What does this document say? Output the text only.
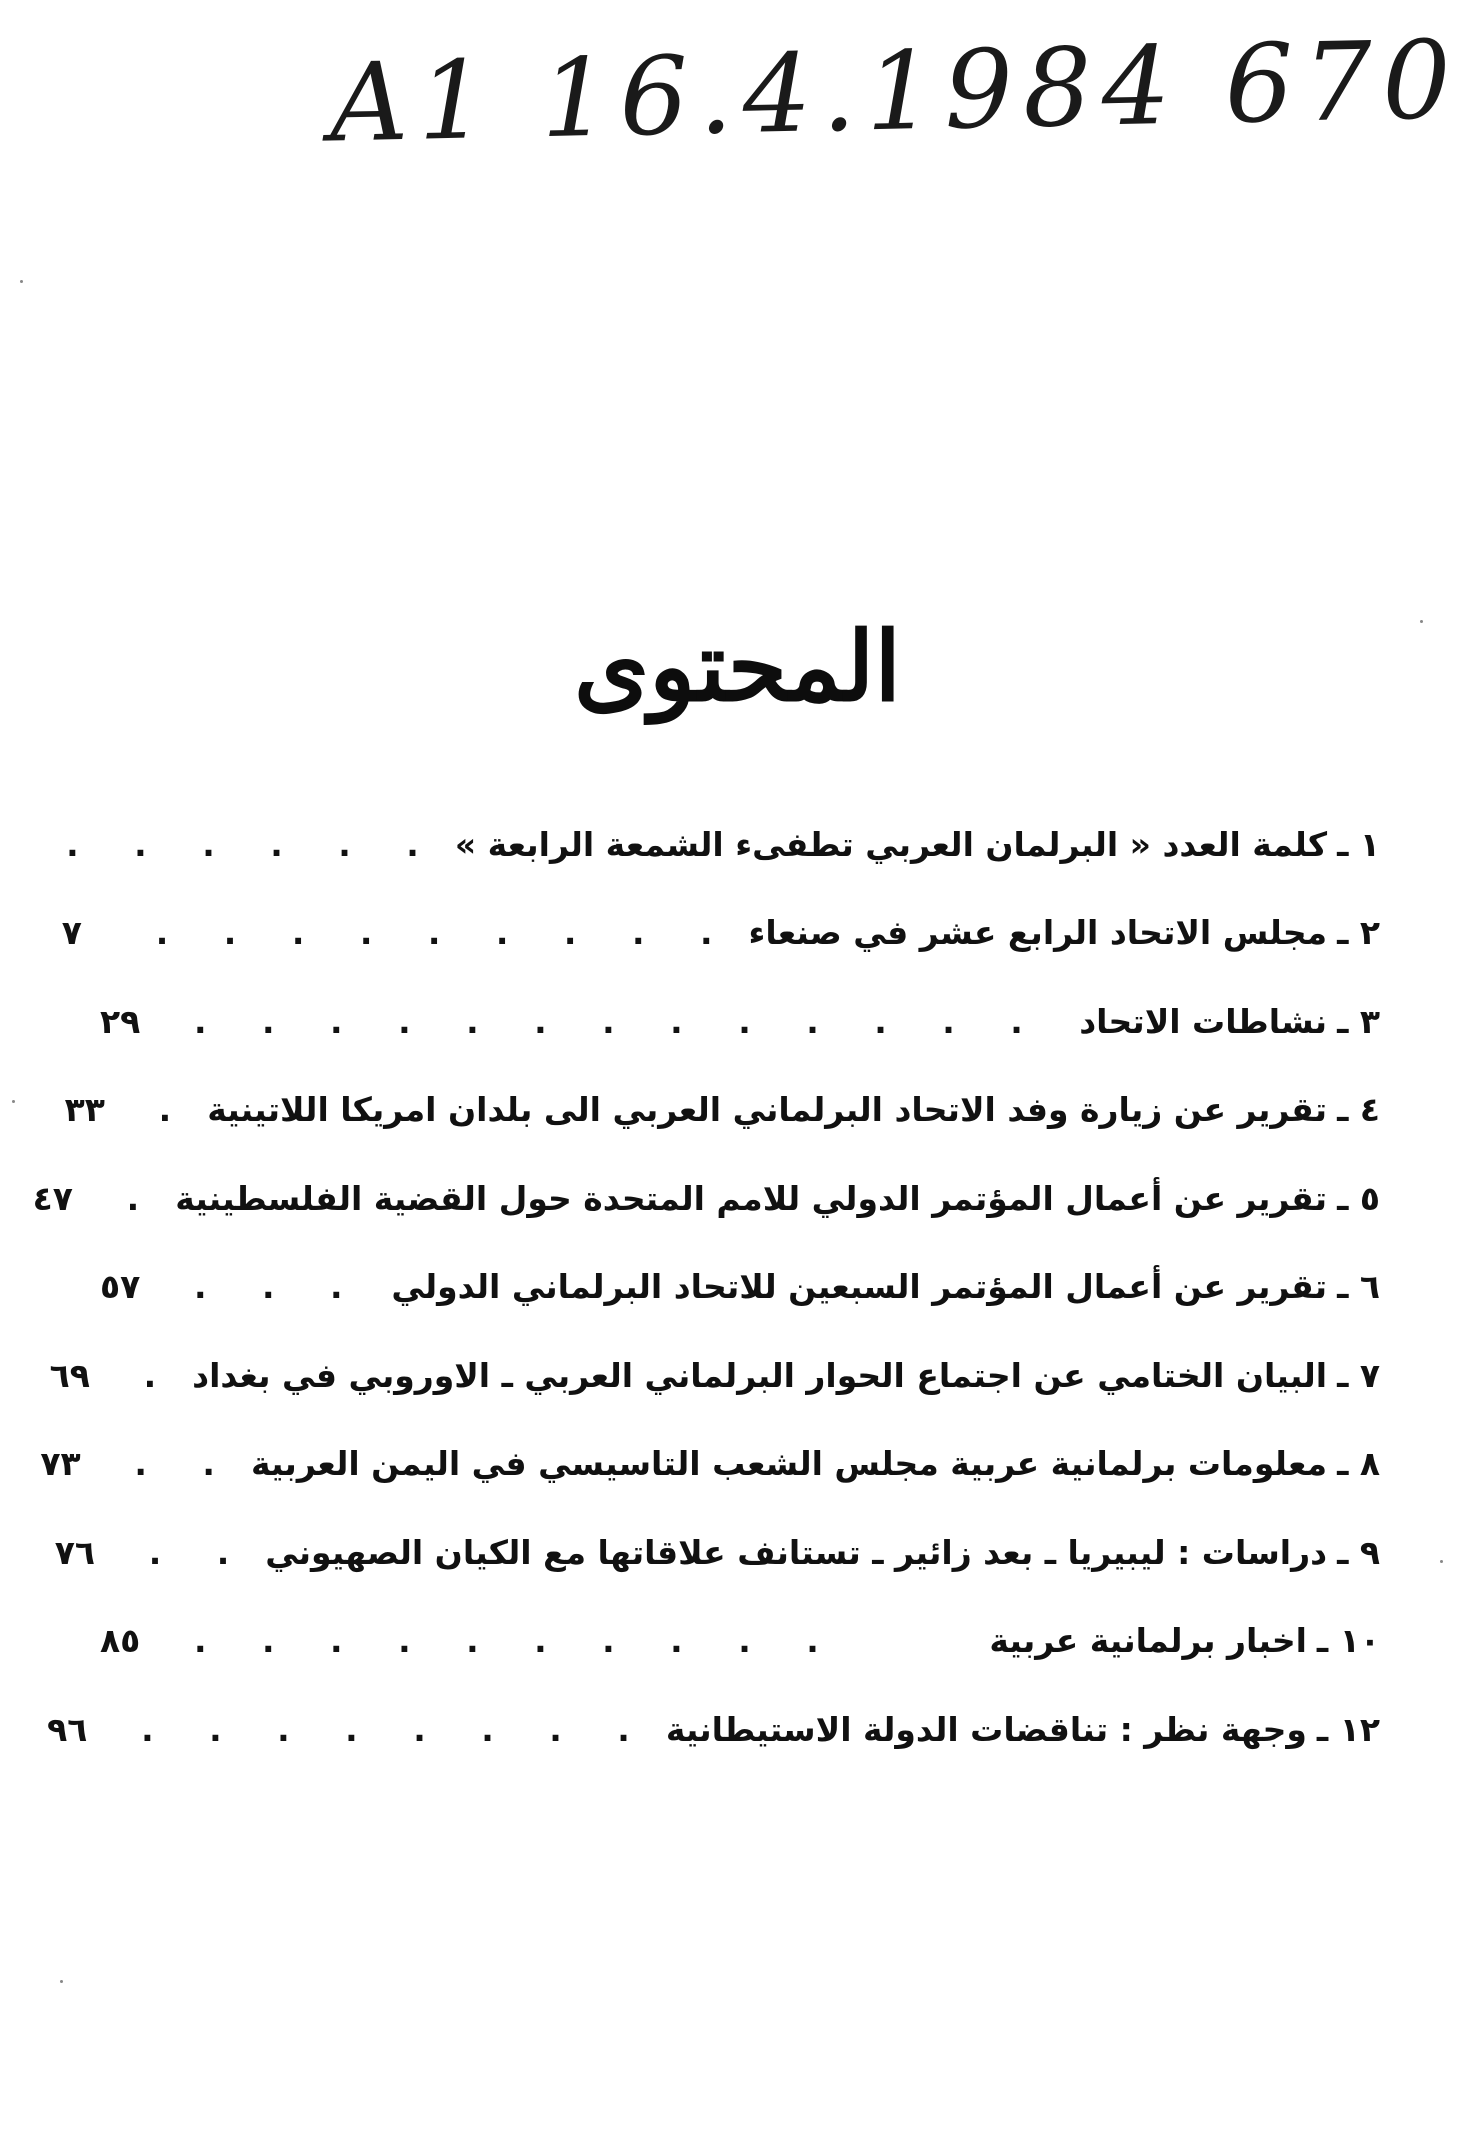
A1 16.4.1984 670
المحتوى
١ ـ
كلمة العدد « البرلمان العربي تطفىء الشمعة الرابعة »
. . . . . .
٢ ـ
مجلس الاتحاد الرابع عشر في صنعاء
. . . . . . . . .
٧
٣ ـ
نشاطات الاتحاد
. . . . . . . . . . . . .
٢٩
٤ ـ
تقرير عن زيارة وفد الاتحاد البرلماني العربي الى بلدان امريكا اللاتينية
.
٣٣
٥ ـ
تقرير عن أعمال المؤتمر الدولي للامم المتحدة حول القضية الفلسطينية
.
٤٧
٦ ـ
تقرير عن أعمال المؤتمر السبعين للاتحاد البرلماني الدولي
. . .
٥٧
٧ ـ
البيان الختامي عن اجتماع الحوار البرلماني العربي ـ الاوروبي في بغداد
.
٦٩
٨ ـ
معلومات برلمانية عربية مجلس الشعب التاسيسي في اليمن العربية
. .
٧٣
٩ ـ
دراسات : ليبيريا ـ بعد زائير ـ تستانف علاقاتها مع الكيان الصهيوني
. .
٧٦
١٠ ـ
اخبار برلمانية عربية
. . . . . . . . . .
٨٥
١٢ ـ
وجهة نظر : تناقضات الدولة الاستيطانية
. . . . . . . .
٩٦
